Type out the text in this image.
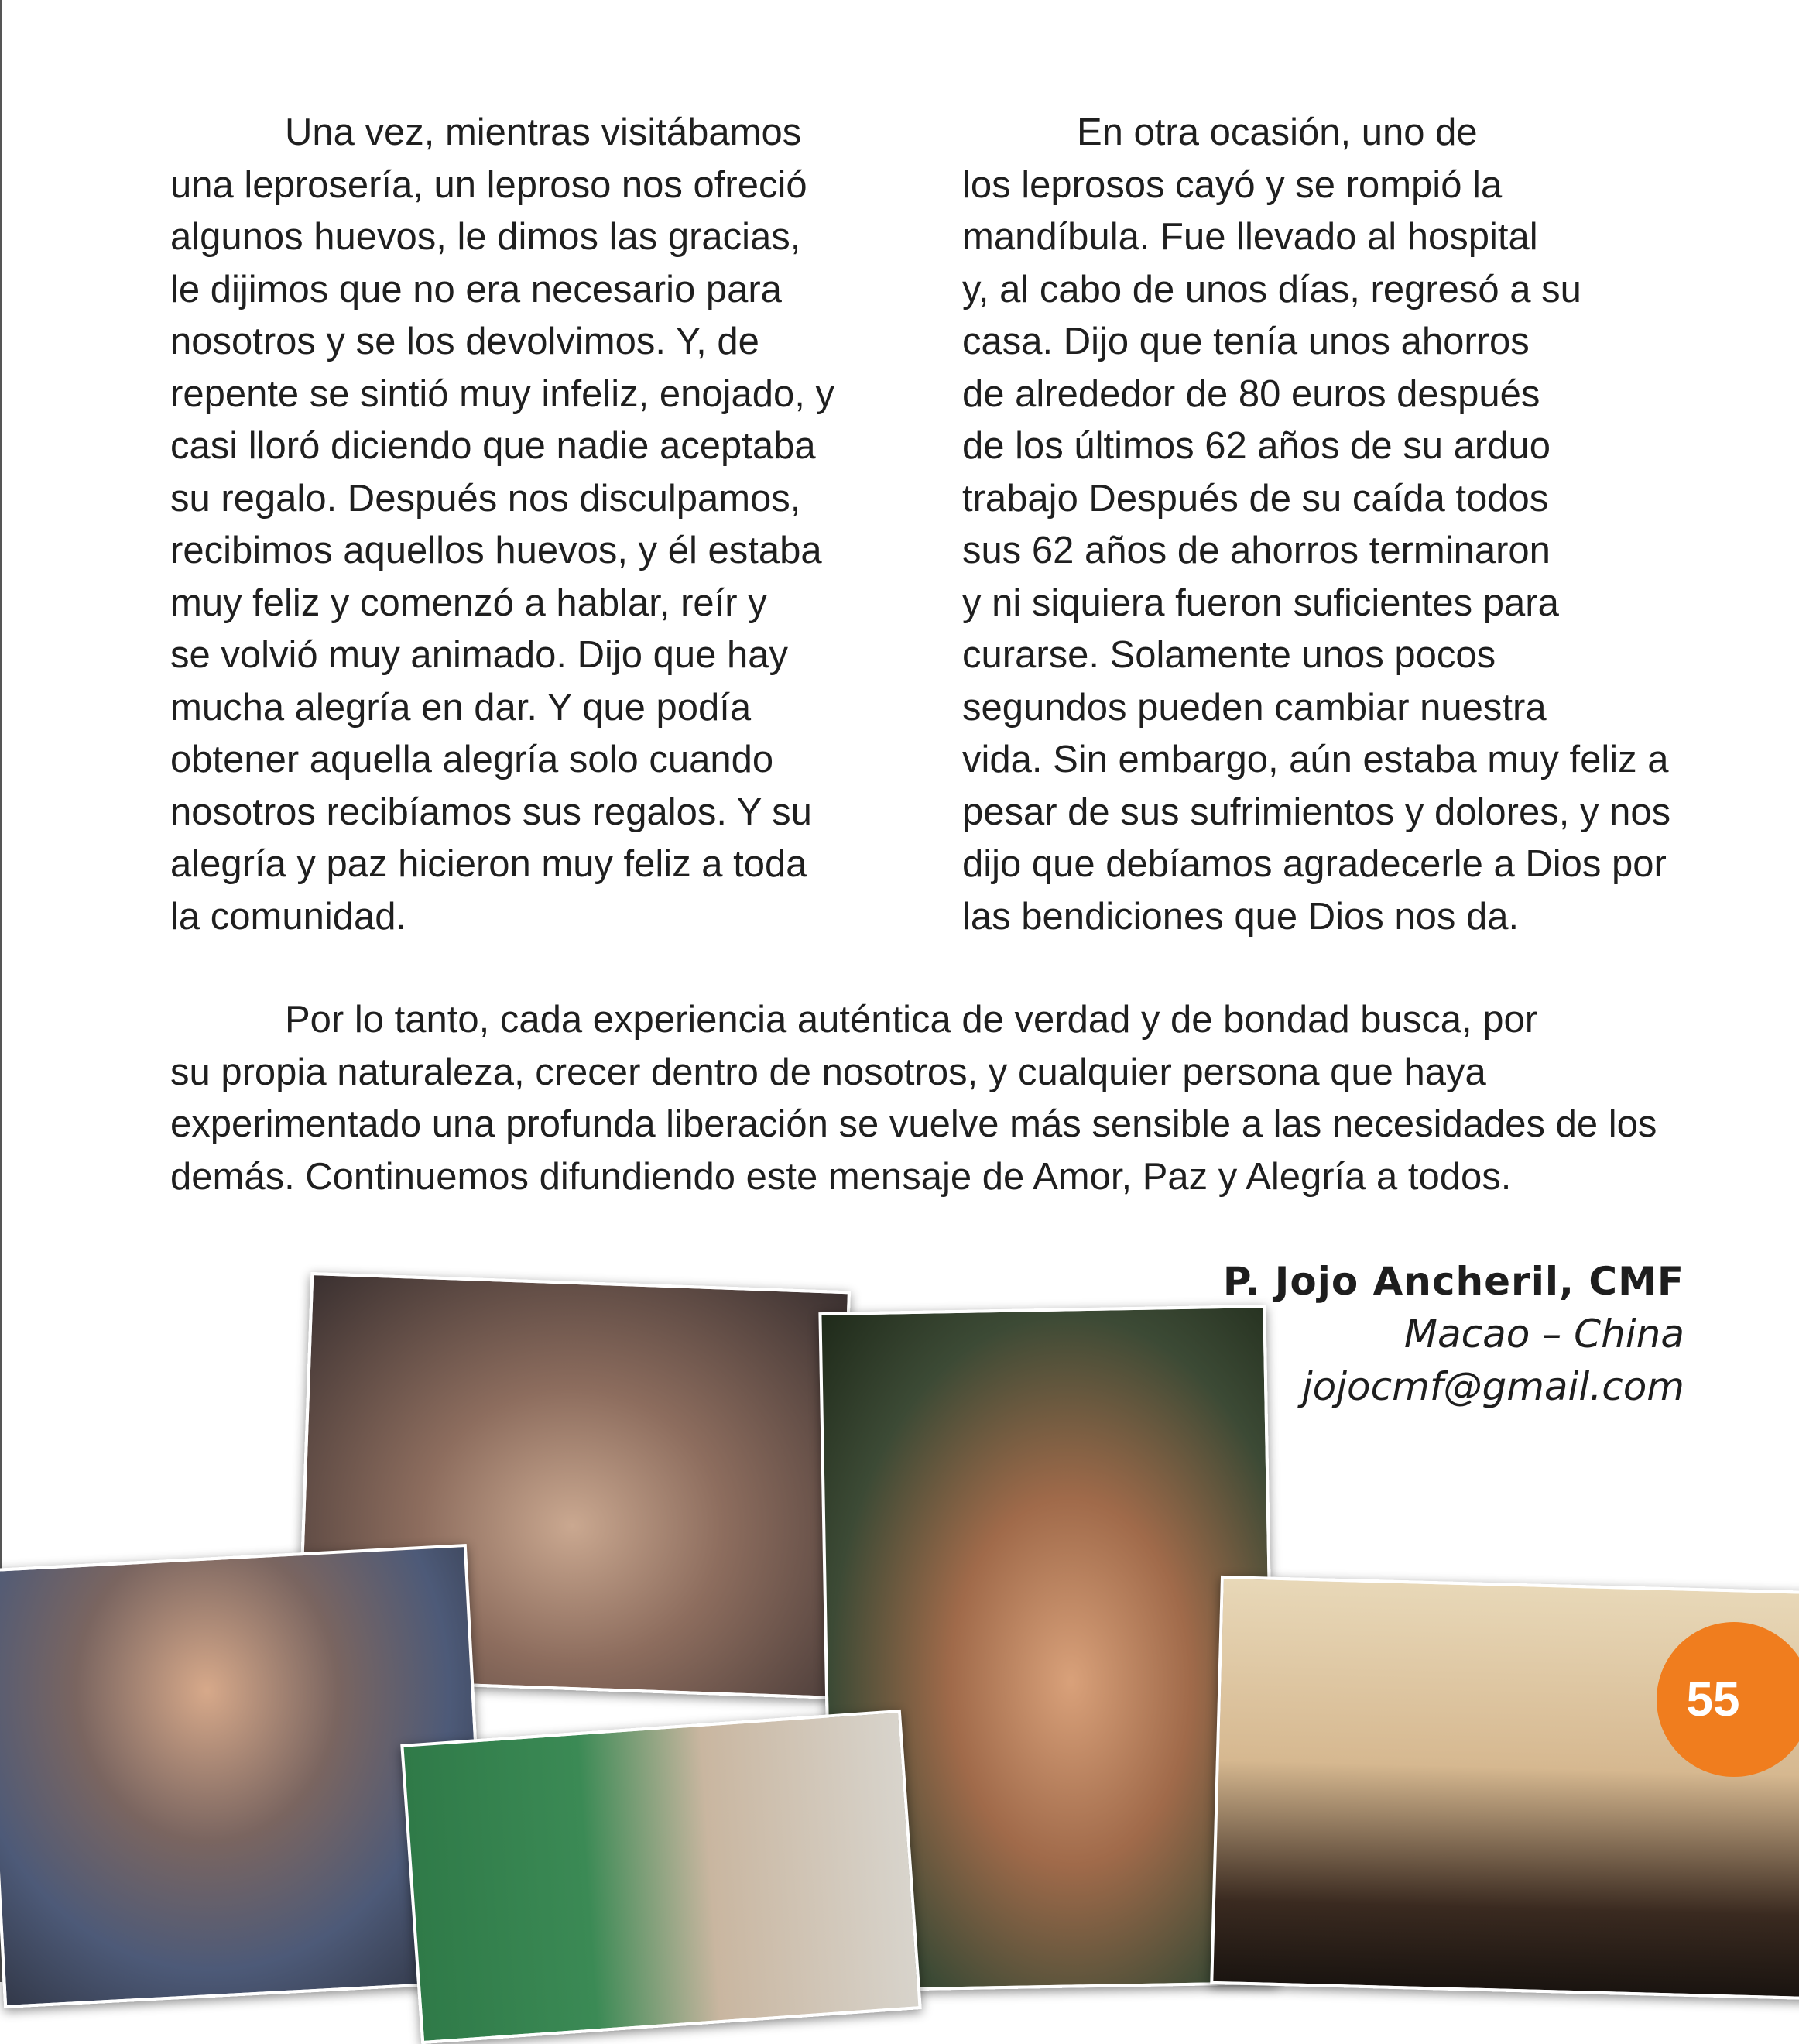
Una vez, mientras visitábamos
una leprosería, un leproso nos ofreció
algunos huevos, le dimos las gracias,
le dijimos que no era necesario para
nosotros y se los devolvimos. Y, de
repente se sintió muy infeliz, enojado, y
casi lloró diciendo que nadie aceptaba
su regalo. Después nos disculpamos,
recibimos aquellos huevos, y él estaba
muy feliz y comenzó a hablar, reír y
se volvió muy animado. Dijo que hay
mucha alegría en dar. Y que podía
obtener aquella alegría solo cuando
nosotros recibíamos sus regalos. Y su
alegría y paz hicieron muy feliz a toda
la comunidad.

En otra ocasión, uno de
los leprosos cayó y se rompió la
mandíbula. Fue llevado al hospital
y, al cabo de unos días, regresó a su
casa. Dijo que tenía unos ahorros
de alrededor de 80 euros después
de los últimos 62 años de su arduo
trabajo Después de su caída todos
sus 62 años de ahorros terminaron
y ni siquiera fueron suficientes para
curarse. Solamente unos pocos
segundos pueden cambiar nuestra
vida. Sin embargo, aún estaba muy feliz a
pesar de sus sufrimientos y dolores, y nos
dijo que debíamos agradecerle a Dios por
las bendiciones que Dios nos da.

Por lo tanto, cada experiencia auténtica de verdad y de bondad busca, por
su propia naturaleza, crecer dentro de nosotros, y cualquier persona que haya
experimentado una profunda liberación se vuelve más sensible a las necesidades de los
demás. Continuemos difundiendo este mensaje de Amor, Paz y Alegría a todos.
P. Jojo Ancheril, CMF
Macao – China
jojocmf@gmail.com
55
